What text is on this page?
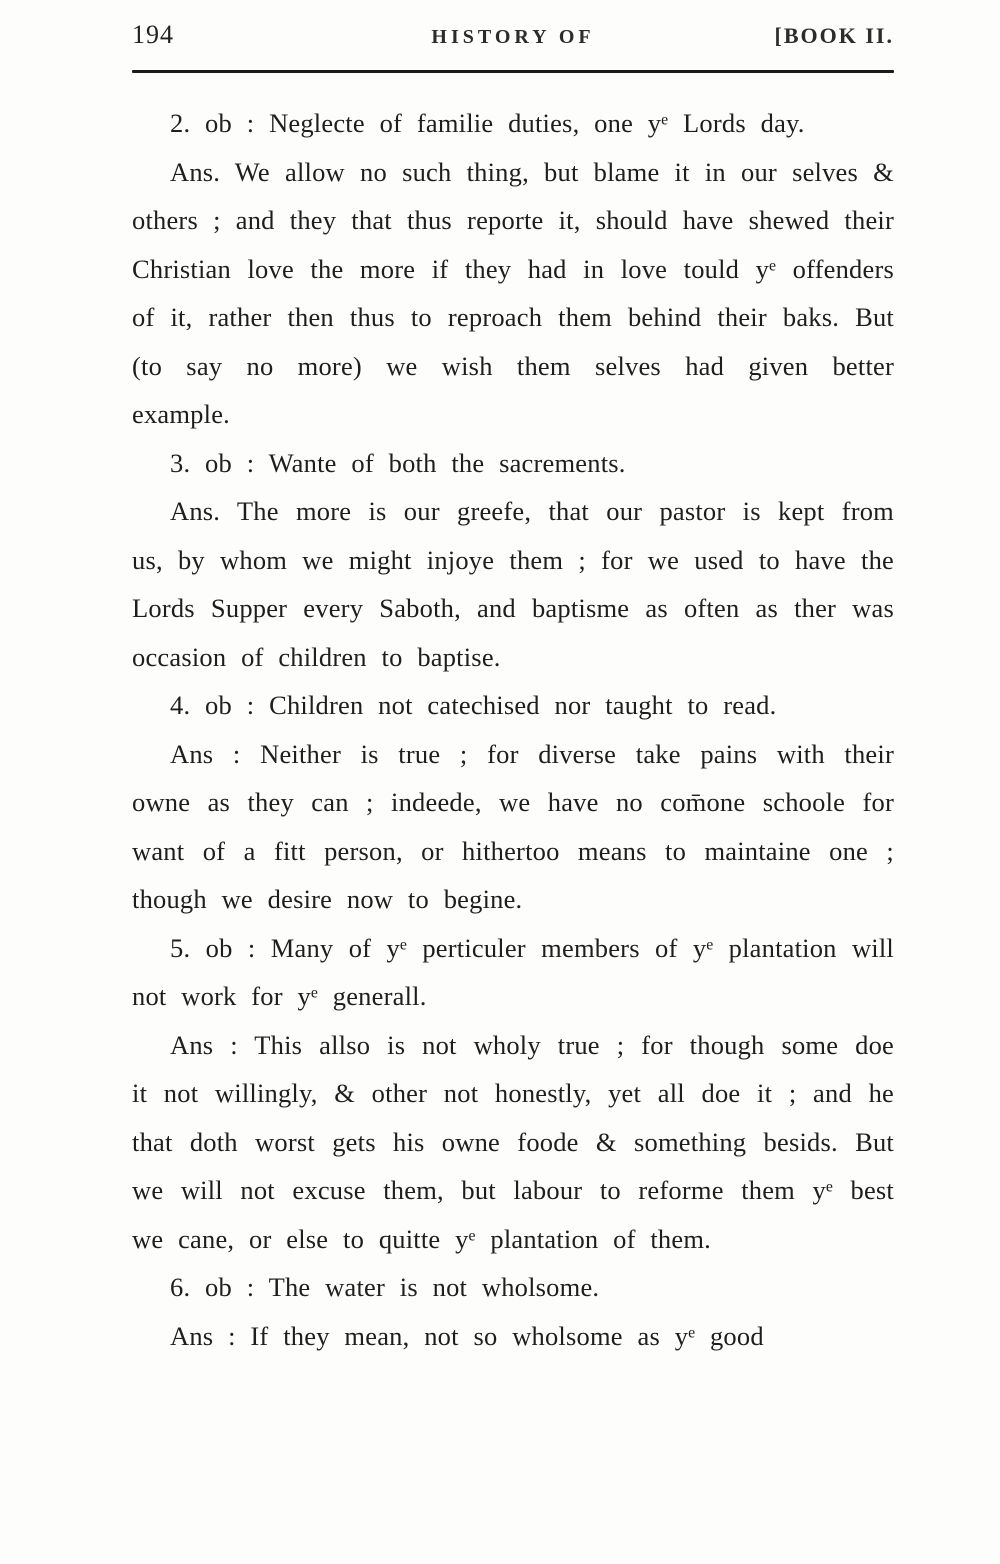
194	HISTORY OF	[BOOK II.

2. ob : Neglecte of familie duties, one yᵉ Lords day.

Ans. We allow no such thing, but blame it in our selves & others ; and they that thus reporte it, should have shewed their Christian love the more if they had in love tould yᵉ offenders of it, rather then thus to reproach them behind their baks. But (to say no more) we wish them selves had given better example.

3. ob : Wante of both the sacrements.

Ans. The more is our greefe, that our pastor is kept from us, by whom we might injoye them ; for we used to have the Lords Supper every Saboth, and baptisme as often as ther was occasion of children to baptise.

4. ob : Children not catechised nor taught to read.

Ans : Neither is true ; for diverse take pains with their owne as they can ; indeede, we have no com̄one schoole for want of a fitt person, or hithertoo means to maintaine one ; though we desire now to begine.

5. ob : Many of yᵉ perticuler members of yᵉ plantation will not work for yᵉ generall.

Ans : This allso is not wholy true ; for though some doe it not willingly, & other not honestly, yet all doe it ; and he that doth worst gets his owne foode & something besids. But we will not excuse them, but labour to reforme them yᵉ best we cane, or else to quitte yᵉ plantation of them.

6. ob : The water is not wholsome.

Ans : If they mean, not so wholsome as yᵉ good
